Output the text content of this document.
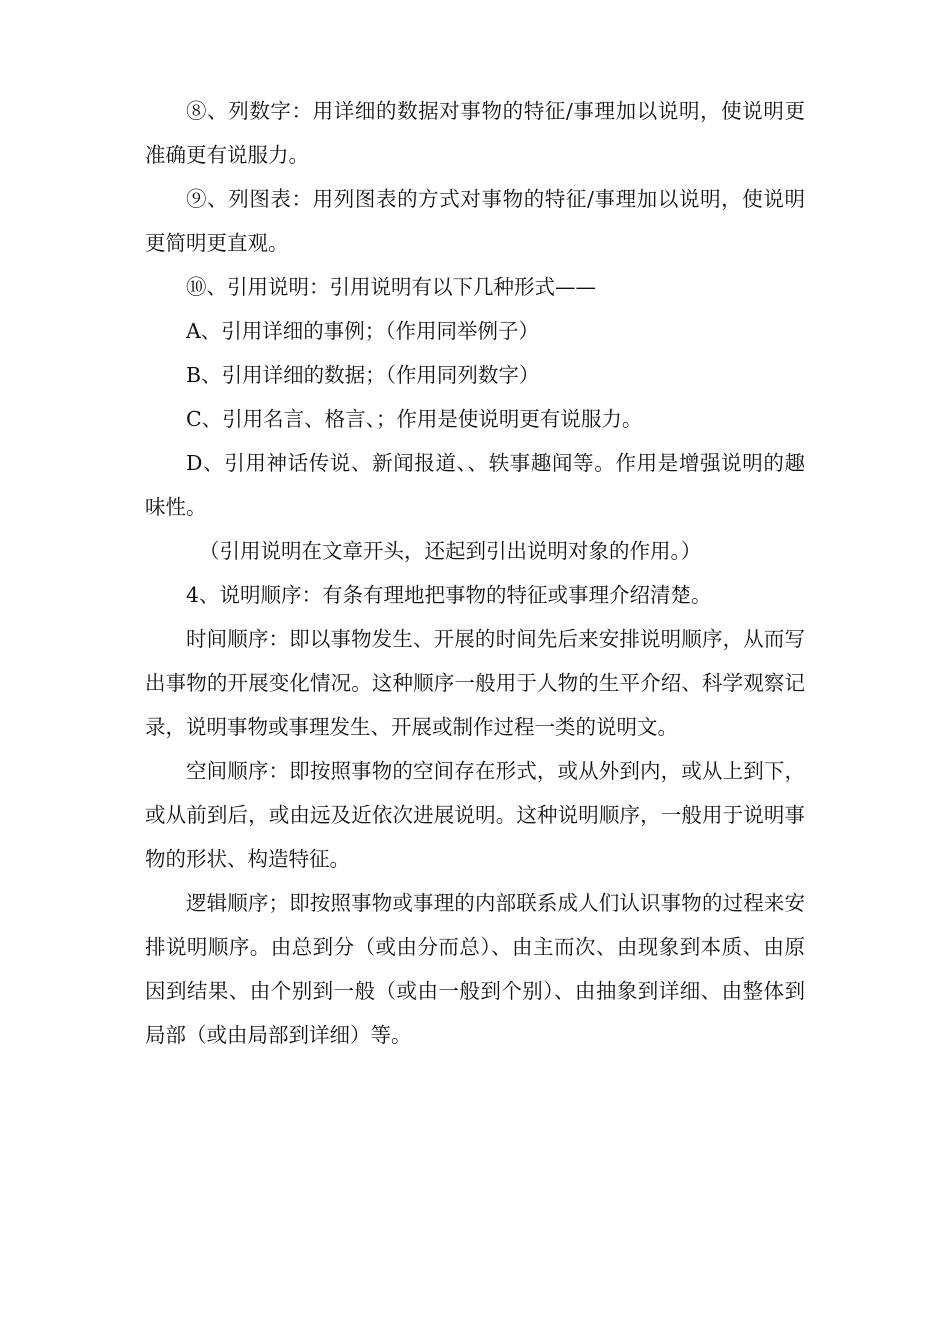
⑧、列数字：用详细的数据对事物的特征/事理加以说明，使说明更准确更有说服力。

⑨、列图表：用列图表的方式对事物的特征/事理加以说明，使说明更简明更直观。

⑩、引用说明：引用说明有以下几种形式——

A、引用详细的事例；（作用同举例子）

B、引用详细的数据；（作用同列数字）

C、引用名言、格言、；作用是使说明更有说服力。

D、引用神话传说、新闻报道、、轶事趣闻等。作用是增强说明的趣味性。

（引用说明在文章开头，还起到引出说明对象的作用。）

4、说明顺序：有条有理地把事物的特征或事理介绍清楚。

时间顺序：即以事物发生、开展的时间先后来安排说明顺序，从而写出事物的开展变化情况。这种顺序一般用于人物的生平介绍、科学观察记录，说明事物或事理发生、开展或制作过程一类的说明文。

空间顺序：即按照事物的空间存在形式，或从外到内，或从上到下，或从前到后，或由远及近依次进展说明。这种说明顺序，一般用于说明事物的形状、构造特征。

逻辑顺序；即按照事物或事理的内部联系成人们认识事物的过程来安排说明顺序。由总到分（或由分而总）、由主而次、由现象到本质、由原因到结果、由个别到一般（或由一般到个别）、由抽象到详细、由整体到局部（或由局部到详细）等。
